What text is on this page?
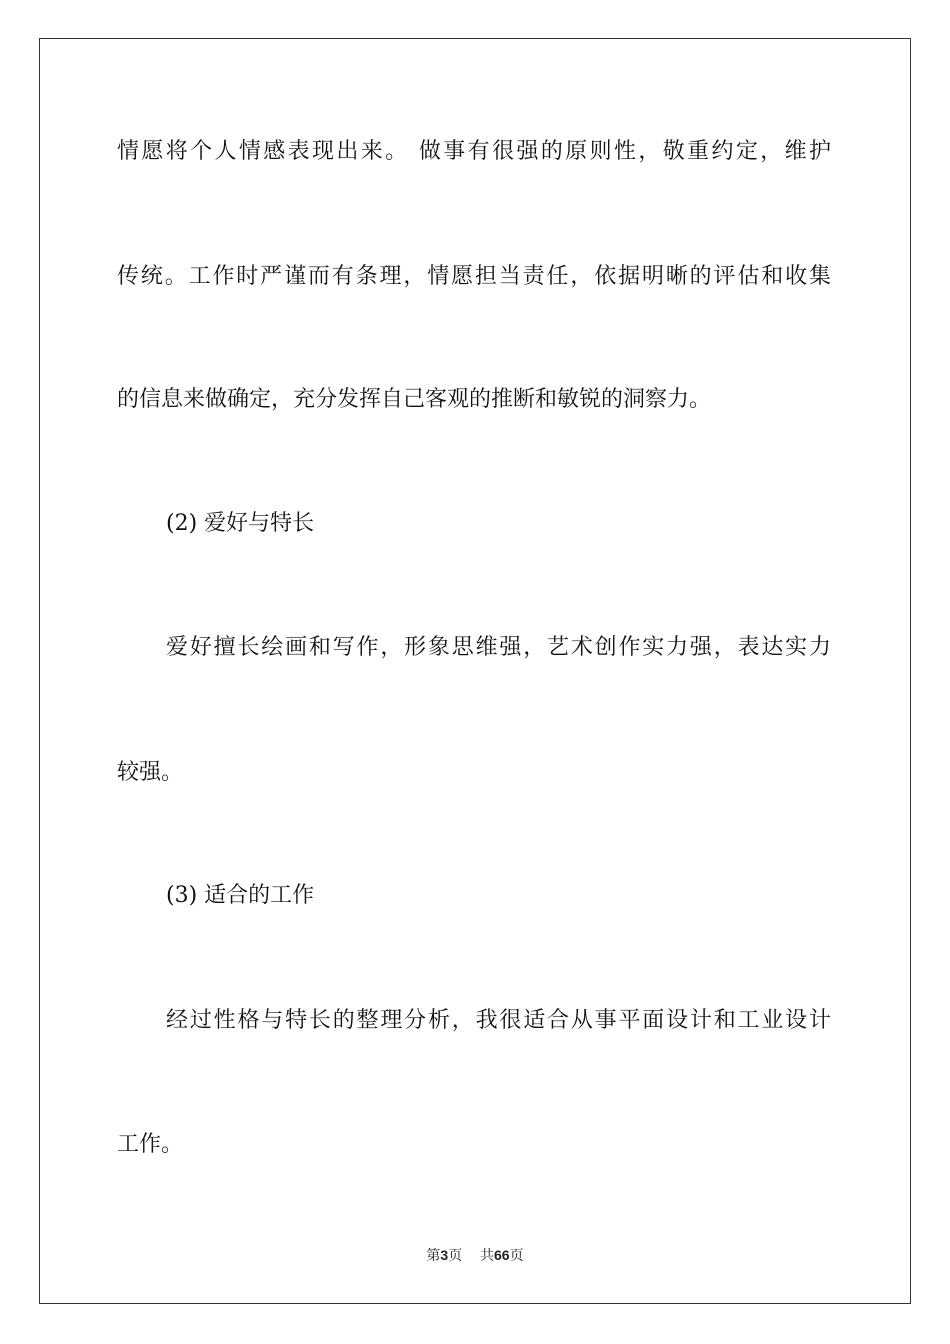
情愿将个人情感表现出来。 做事有很强的原则性，敬重约定，维护
传统。工作时严谨而有条理，情愿担当责任，依据明晰的评估和收集
的信息来做确定，充分发挥自己客观的推断和敏锐的洞察力。
(2) 爱好与特长
爱好擅长绘画和写作，形象思维强，艺术创作实力强，表达实力
较强。
(3) 适合的工作
经过性格与特长的整理分析，我很适合从事平面设计和工业设计
工作。
第3页 共66页
